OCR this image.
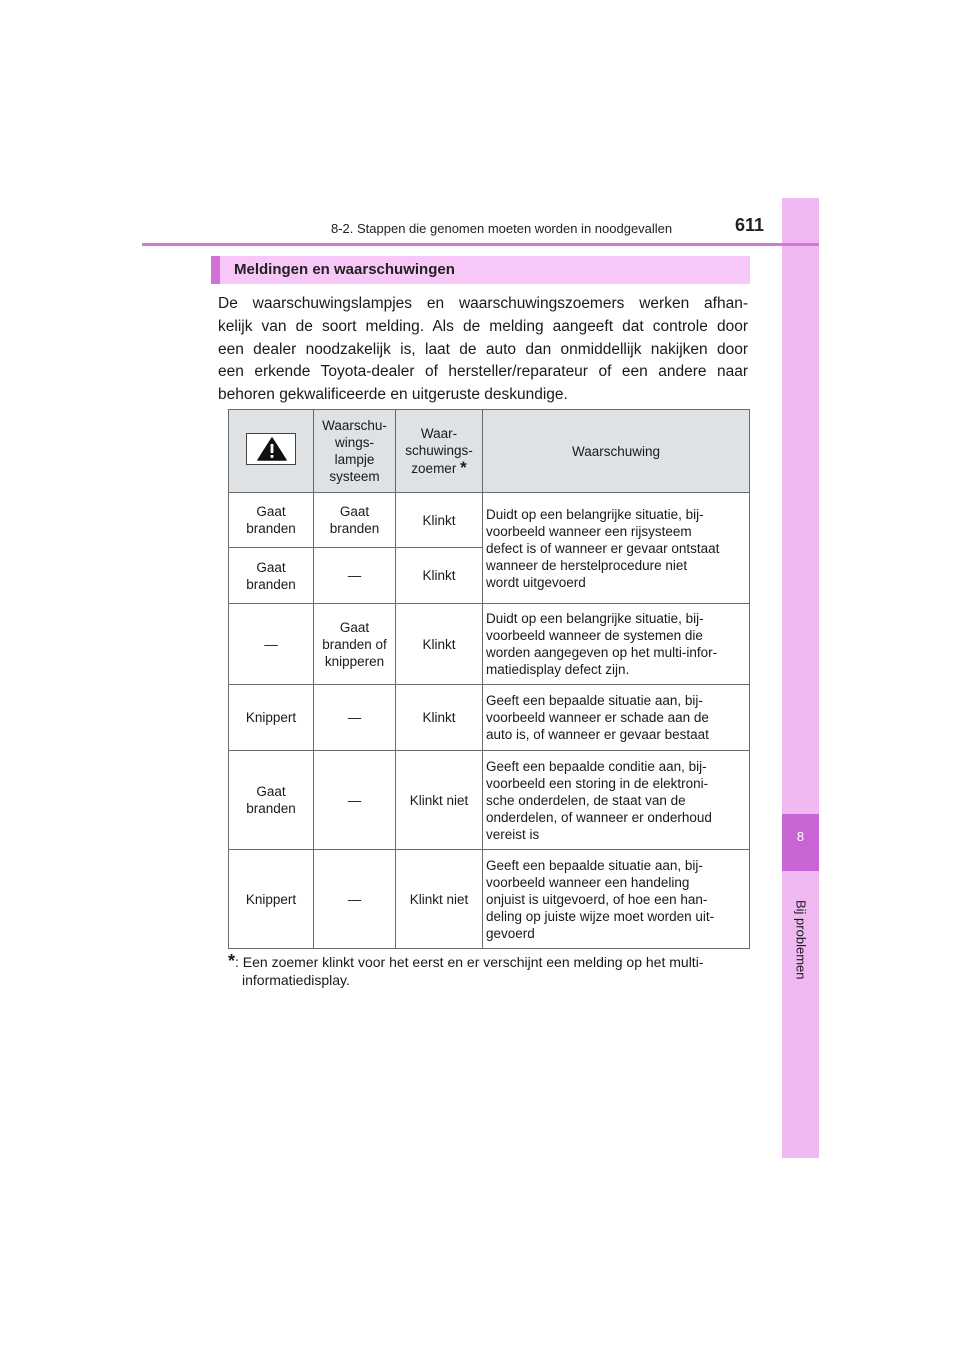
8
Bij problemen
8-2. Stappen die genomen moeten worden in noodgevallen	611
Meldingen en waarschuwingen
De waarschuwingslampjes en waarschuwingszoemers werken afhan-
kelijk van de soort melding. Als de melding aangeeft dat controle door
een dealer noodzakelijk is, laat de auto dan onmiddellijk nakijken door
een erkende Toyota-dealer of hersteller/reparateur of een andere naar
behoren gekwalificeerde en uitgeruste deskundige.
	Waarschu-
wings-
lampje
systeem	Waar-
schuwings-
zoemer *	Waarschuwing
Gaat
branden	Gaat
branden	Klinkt	Duidt op een belangrijke situatie, bij-
voorbeeld wanneer een rijsysteem
defect is of wanneer er gevaar ontstaat
wanneer de herstelprocedure niet
wordt uitgevoerd
Gaat
branden	—	Klinkt	
—	Gaat
branden of
knipperen	Klinkt	Duidt op een belangrijke situatie, bij-
voorbeeld wanneer de systemen die
worden aangegeven op het multi-infor-
matiedisplay defect zijn.
Knippert	—	Klinkt	Geeft een bepaalde situatie aan, bij-
voorbeeld wanneer er schade aan de
auto is, of wanneer er gevaar bestaat
Gaat
branden	—	Klinkt niet	Geeft een bepaalde conditie aan, bij-
voorbeeld een storing in de elektroni-
sche onderdelen, de staat van de
onderdelen, of wanneer er onderhoud
vereist is
Knippert	—	Klinkt niet	Geeft een bepaalde situatie aan, bij-
voorbeeld wanneer een handeling
onjuist is uitgevoerd, of hoe een han-
deling op juiste wijze moet worden uit-
gevoerd
*: Een zoemer klinkt voor het eerst en er verschijnt een melding op het multi-
informatiedisplay.
